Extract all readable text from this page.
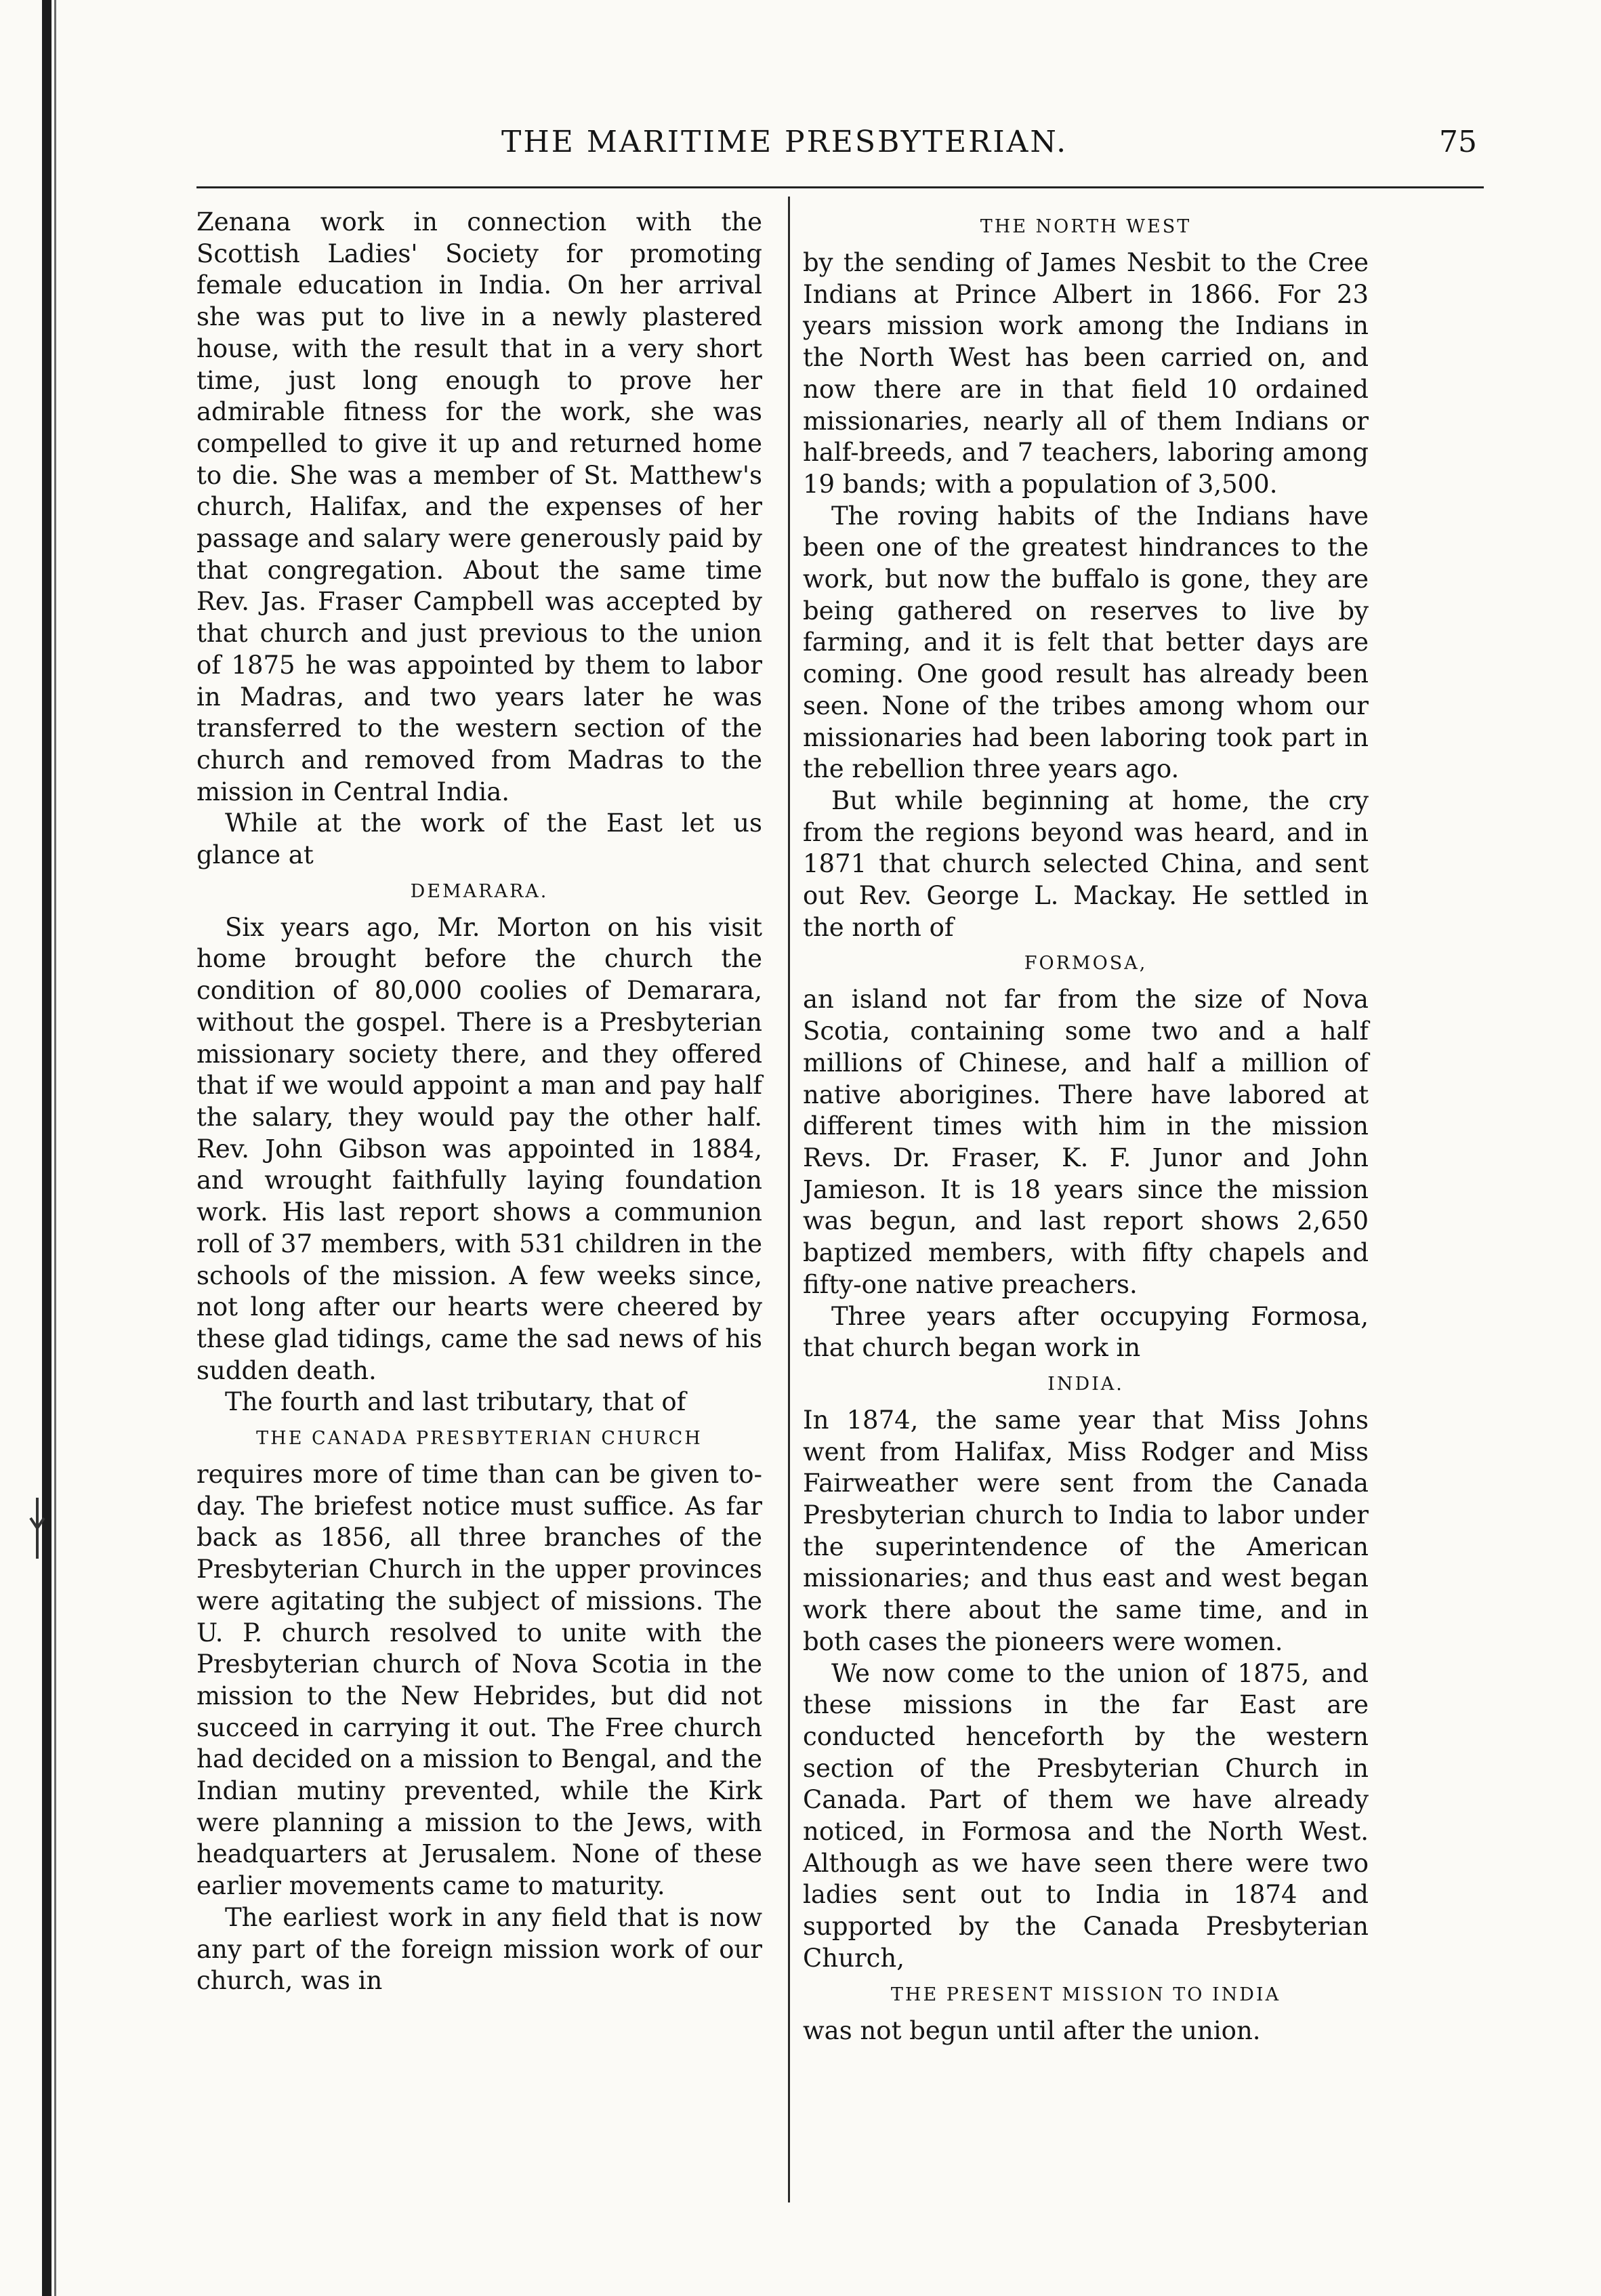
THE MARITIME PRESBYTERIAN.	75

Zenana work in connection with the Scottish Ladies' Society for promoting female education in India. On her arrival she was put to live in a newly plastered house, with the result that in a very short time, just long enough to prove her admirable fitness for the work, she was compelled to give it up and returned home to die. She was a member of St. Matthew's church, Halifax, and the expenses of her passage and salary were generously paid by that congregation. About the same time Rev. Jas. Fraser Campbell was accepted by that church and just previous to the union of 1875 he was appointed by them to labor in Madras, and two years later he was transferred to the western section of the church and removed from Madras to the mission in Central India.

While at the work of the East let us glance at

DEMARARA.

Six years ago, Mr. Morton on his visit home brought before the church the condition of 80,000 coolies of Demarara, without the gospel. There is a Presbyterian missionary society there, and they offered that if we would appoint a man and pay half the salary, they would pay the other half. Rev. John Gibson was appointed in 1884, and wrought faithfully laying foundation work. His last report shows a communion roll of 37 members, with 531 children in the schools of the mission. A few weeks since, not long after our hearts were cheered by these glad tidings, came the sad news of his sudden death.

The fourth and last tributary, that of

THE CANADA PRESBYTERIAN CHURCH

requires more of time than can be given to-day. The briefest notice must suffice. As far back as 1856, all three branches of the Presbyterian Church in the upper provinces were agitating the subject of missions. The U. P. church resolved to unite with the Presbyterian church of Nova Scotia in the mission to the New Hebrides, but did not succeed in carrying it out. The Free church had decided on a mission to Bengal, and the Indian mutiny prevented, while the Kirk were planning a mission to the Jews, with headquarters at Jerusalem. None of these earlier movements came to maturity.

The earliest work in any field that is now any part of the foreign mission work of our church, was in

THE NORTH WEST

by the sending of James Nesbit to the Cree Indians at Prince Albert in 1866. For 23 years mission work among the Indians in the North West has been carried on, and now there are in that field 10 ordained missionaries, nearly all of them Indians or half-breeds, and 7 teachers, laboring among 19 bands; with a population of 3,500.

The roving habits of the Indians have been one of the greatest hindrances to the work, but now the buffalo is gone, they are being gathered on reserves to live by farming, and it is felt that better days are coming. One good result has already been seen. None of the tribes among whom our missionaries had been laboring took part in the rebellion three years ago.

But while beginning at home, the cry from the regions beyond was heard, and in 1871 that church selected China, and sent out Rev. George L. Mackay. He settled in the north of

FORMOSA,

an island not far from the size of Nova Scotia, containing some two and a half millions of Chinese, and half a million of native aborigines. There have labored at different times with him in the mission Revs. Dr. Fraser, K. F. Junor and John Jamieson. It is 18 years since the mission was begun, and last report shows 2,650 baptized members, with fifty chapels and fifty-one native preachers.

Three years after occupying Formosa, that church began work in

INDIA.

In 1874, the same year that Miss Johns went from Halifax, Miss Rodger and Miss Fairweather were sent from the Canada Presbyterian church to India to labor under the superintendence of the American missionaries; and thus east and west began work there about the same time, and in both cases the pioneers were women.

We now come to the union of 1875, and these missions in the far East are conducted henceforth by the western section of the Presbyterian Church in Canada. Part of them we have already noticed, in Formosa and the North West. Although as we have seen there were two ladies sent out to India in 1874 and supported by the Canada Presbyterian Church,

THE PRESENT MISSION TO INDIA

was not begun until after the union.
